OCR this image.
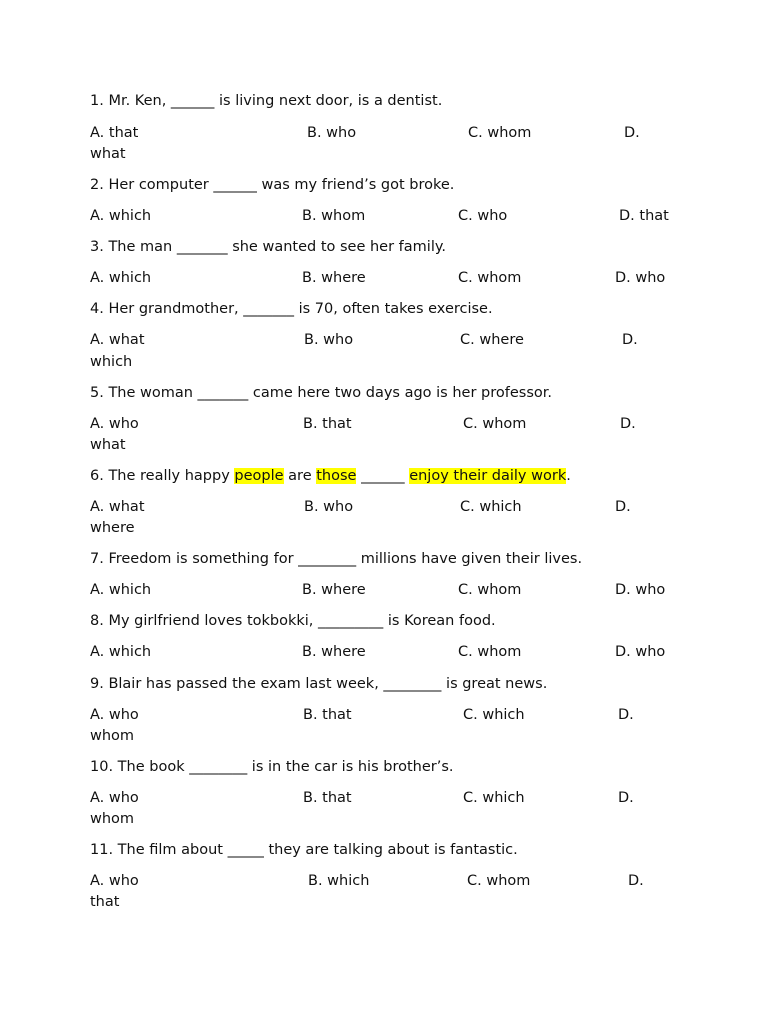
1. Mr. Ken, ______ is living next door, is a dentist.
A. that	B. who	C. whom	D.
what
2. Her computer ______ was my friend’s got broke.
A. which	B. whom	C. who	D. that
3. The man _______ she wanted to see her family.
A. which	B. where	C. whom	D. who
4. Her grandmother, _______ is 70, often takes exercise.
A. what	B. who	C. where	D.
which
5. The woman _______ came here two days ago is her professor.
A. who	B. that	C. whom	D.
what
6. The really happy people are those ______ enjoy their daily work.
A. what	B. who	C. which	D.
where
7. Freedom is something for ________ millions have given their lives.
A. which	B. where	C. whom	D. who
8. My girlfriend loves tokbokki, _________ is Korean food.
A. which	B. where	C. whom	D. who
9. Blair has passed the exam last week, ________ is great news.
A. who	B. that	C. which	D.
whom
10. The book ________ is in the car is his brother’s.
A. who	B. that	C. which	D.
whom
11. The film about _____ they are talking about is fantastic.
A. who	B. which	C. whom	D.
that
